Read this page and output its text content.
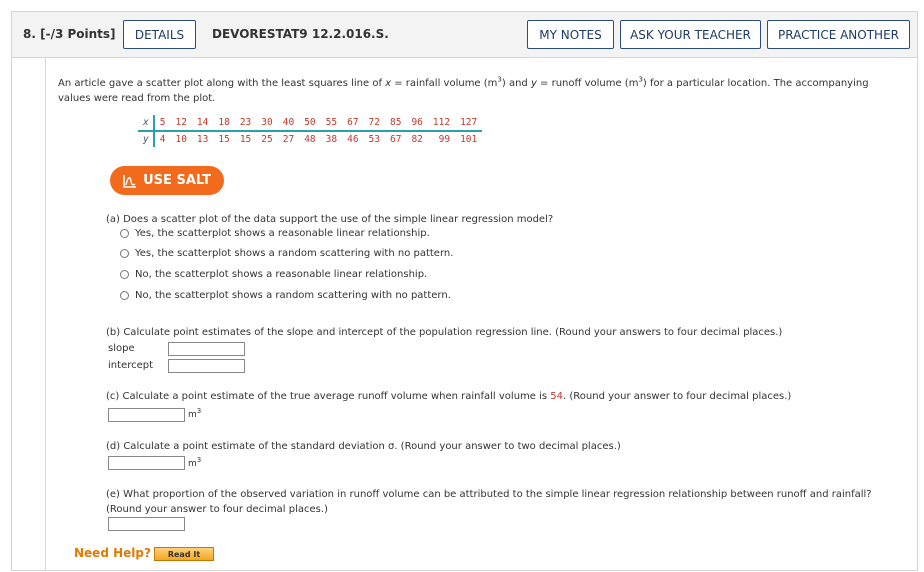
8. [-/3 Points]	DETAILS	DEVORESTAT9 12.2.016.S.	MY NOTES	ASK YOUR TEACHER	PRACTICE ANOTHER

An article gave a scatter plot along with the least squares line of x = rainfall volume $(m^3)$ and y = runoff volume $(m^3)$ for a particular location. The accompanying values were read from the plot.

x	5	12	14	18	23	30	40	50	55	67	72	85	96	112	127
y	4	10	13	15	15	25	27	48	38	46	53	67	82	99	101
USE SALT

(a) Does a scatter plot of the data support the use of the simple linear regression model?

Yes, the scatterplot shows a reasonable linear relationship.
Yes, the scatterplot shows a random scattering with no pattern.
No, the scatterplot shows a reasonable linear relationship.
No, the scatterplot shows a random scattering with no pattern.

(b) Calculate point estimates of the slope and intercept of the population regression line. (Round your answers to four decimal places.)

slope
intercept

(c) Calculate a point estimate of the true average runoff volume when rainfall volume is 54. (Round your answer to four decimal places.)

$m^3$

(d) Calculate a point estimate of the standard deviation σ. (Round your answer to two decimal places.)

$m^3$

(e) What proportion of the observed variation in runoff volume can be attributed to the simple linear regression relationship between runoff and rainfall? (Round your answer to four decimal places.)

Need Help?	Read It
